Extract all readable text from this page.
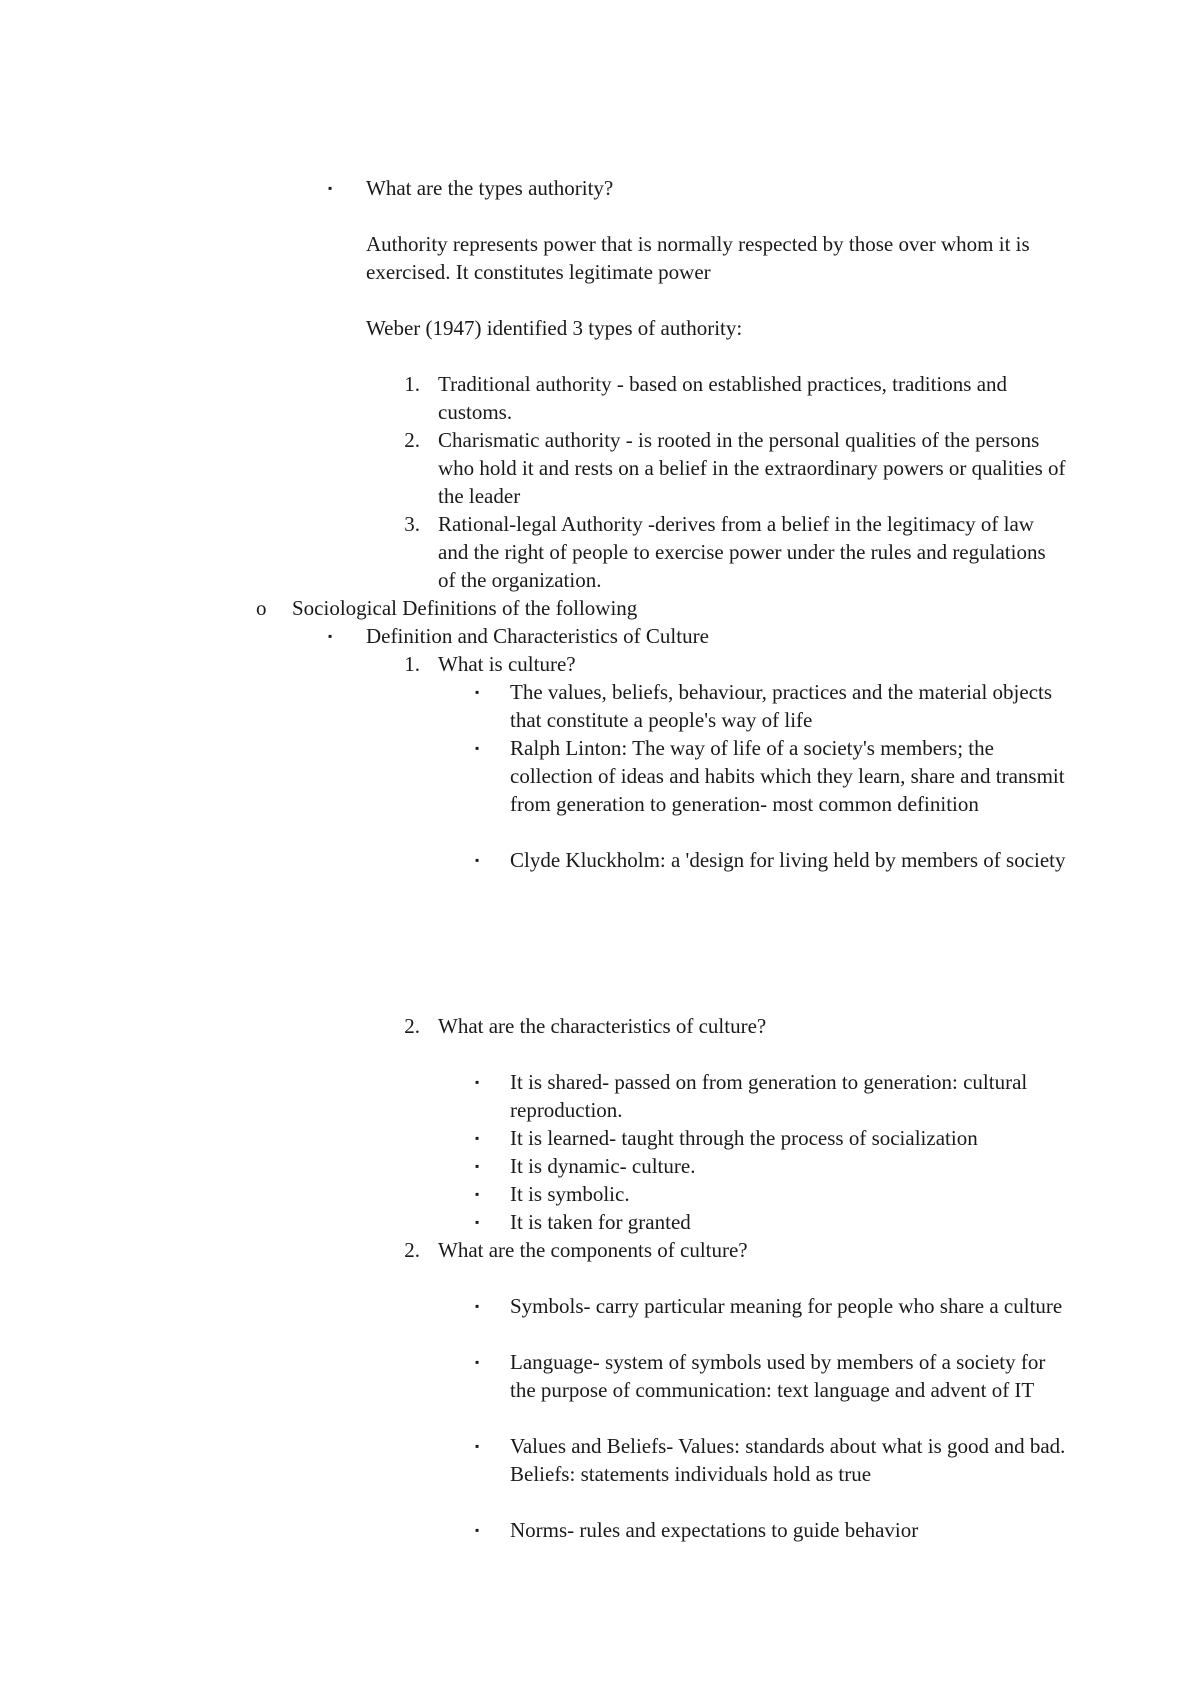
▪ What are the types authority?

Authority represents power that is normally respected by those over whom it is exercised. It constitutes legitimate power

Weber (1947) identified 3 types of authority:

1. Traditional authority - based on established practices, traditions and customs.

2. Charismatic authority - is rooted in the personal qualities of the persons who hold it and rests on a belief in the extraordinary powers or qualities of the leader

3. Rational-legal Authority -derives from a belief in the legitimacy of law and the right of people to exercise power under the rules and regulations of the organization.

o Sociological Definitions of the following

▪ Definition and Characteristics of Culture

1. What is culture?

▪ The values, beliefs, behaviour, practices and the material objects that constitute a people's way of life

▪ Ralph Linton: The way of life of a society's members; the collection of ideas and habits which they learn, share and transmit from generation to generation- most common definition

▪ Clyde Kluckholm: a 'design for living held by members of society

2. What are the characteristics of culture?

▪ It is shared- passed on from generation to generation: cultural reproduction.

▪ It is learned- taught through the process of socialization

▪ It is dynamic- culture.

▪ It is symbolic.

▪ It is taken for granted

2. What are the components of culture?

▪ Symbols- carry particular meaning for people who share a culture

▪ Language- system of symbols used by members of a society for the purpose of communication: text language and advent of IT

▪ Values and Beliefs- Values: standards about what is good and bad. Beliefs: statements individuals hold as true

▪ Norms- rules and expectations to guide behavior
